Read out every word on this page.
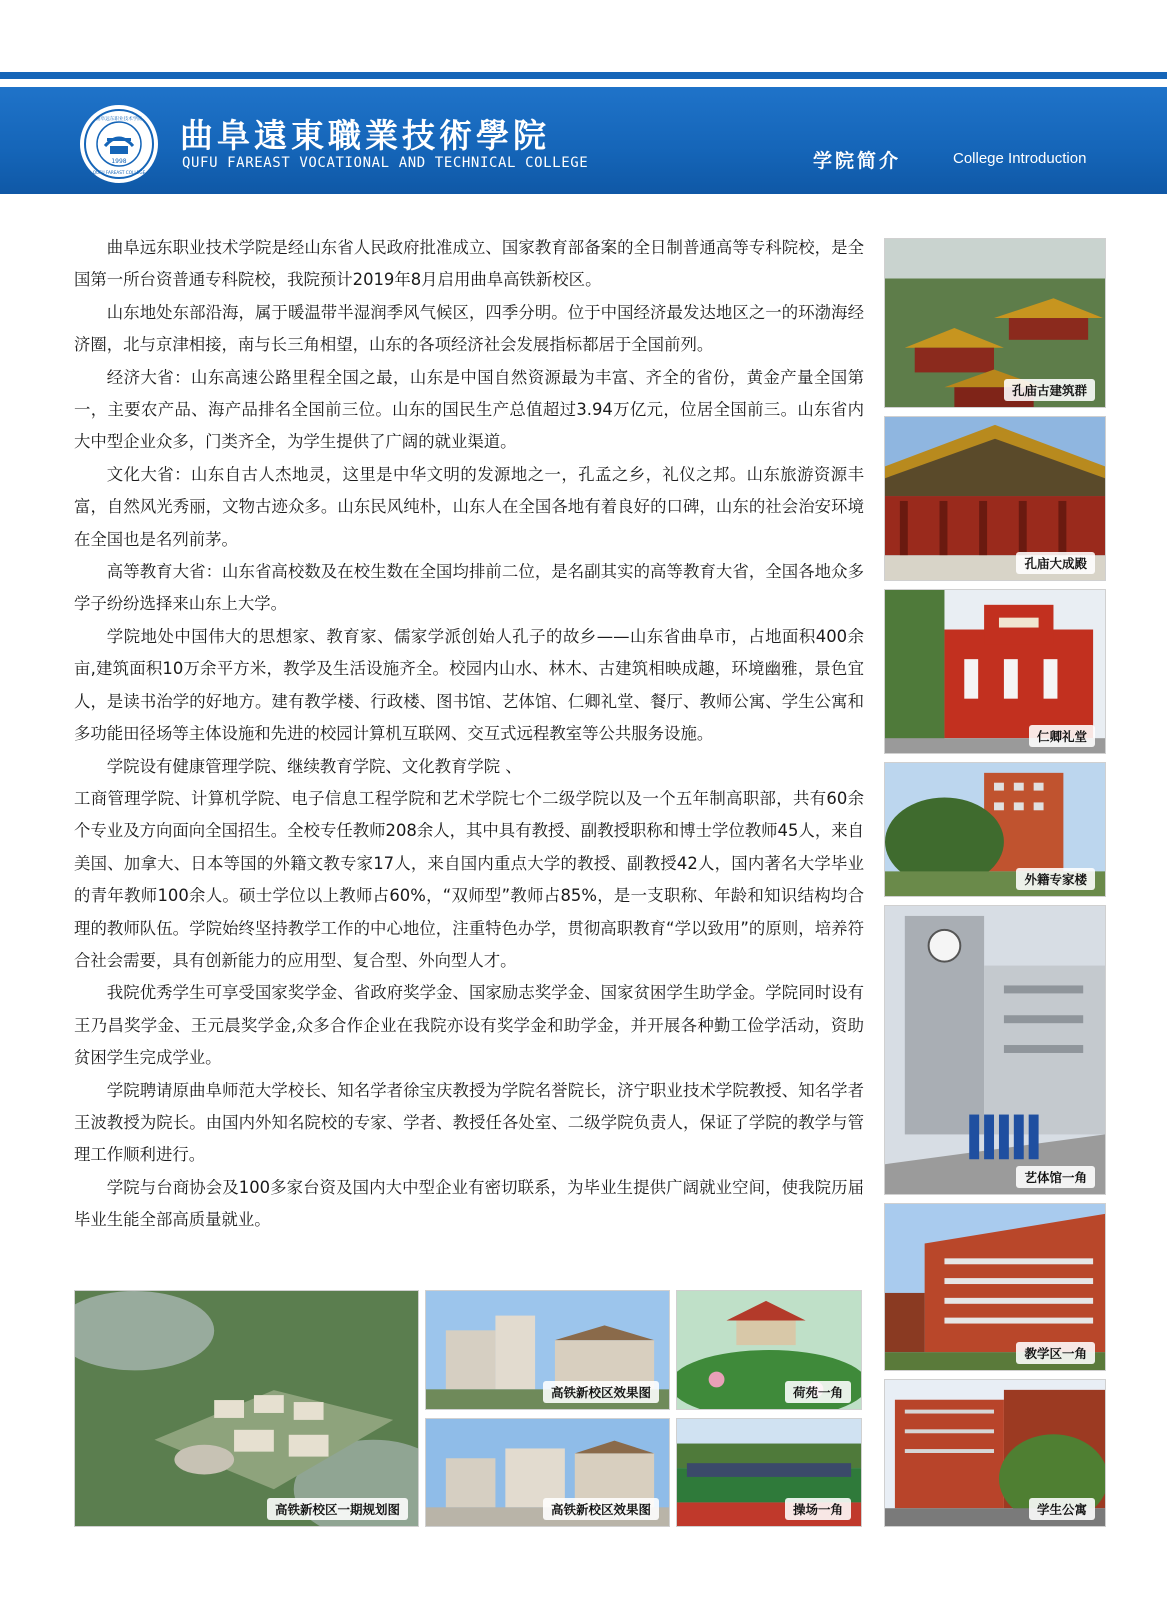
1998
曲阜远东职业技术学院
QUFU FAREAST COLLEGE
曲阜遠東職業技術學院
QUFU FAREAST VOCATIONAL AND TECHNICAL COLLEGE	学院简介	College Introduction

曲阜远东职业技术学院是经山东省人民政府批准成立、国家教育部备案的全日制普通高等专科院校，是全国第一所台资普通专科院校，我院预计2019年8月启用曲阜高铁新校区。

山东地处东部沿海，属于暖温带半湿润季风气候区，四季分明。位于中国经济最发达地区之一的环渤海经济圈，北与京津相接，南与长三角相望，山东的各项经济社会发展指标都居于全国前列。

经济大省：山东高速公路里程全国之最，山东是中国自然资源最为丰富、齐全的省份，黄金产量全国第一，主要农产品、海产品排名全国前三位。山东的国民生产总值超过3.94万亿元，位居全国前三。山东省内大中型企业众多，门类齐全，为学生提供了广阔的就业渠道。

文化大省：山东自古人杰地灵，这里是中华文明的发源地之一，孔孟之乡，礼仪之邦。山东旅游资源丰富，自然风光秀丽，文物古迹众多。山东民风纯朴，山东人在全国各地有着良好的口碑，山东的社会治安环境在全国也是名列前茅。

高等教育大省：山东省高校数及在校生数在全国均排前二位，是名副其实的高等教育大省，全国各地众多学子纷纷选择来山东上大学。

学院地处中国伟大的思想家、教育家、儒家学派创始人孔子的故乡——山东省曲阜市，占地面积400余亩,建筑面积10万余平方米，教学及生活设施齐全。校园内山水、林木、古建筑相映成趣，环境幽雅，景色宜人，是读书治学的好地方。建有教学楼、行政楼、图书馆、艺体馆、仁卿礼堂、餐厅、教师公寓、学生公寓和多功能田径场等主体设施和先进的校园计算机互联网、交互式远程教室等公共服务设施。

学院设有健康管理学院、继续教育学院、文化教育学院 、

工商管理学院、计算机学院、电子信息工程学院和艺术学院七个二级学院以及一个五年制高职部，共有60余个专业及方向面向全国招生。全校专任教师208余人，其中具有教授、副教授职称和博士学位教师45人，来自美国、加拿大、日本等国的外籍文教专家17人，来自国内重点大学的教授、副教授42人，国内著名大学毕业的青年教师100余人。硕士学位以上教师占60%，“双师型”教师占85%，是一支职称、年龄和知识结构均合理的教师队伍。学院始终坚持教学工作的中心地位，注重特色办学，贯彻高职教育“学以致用”的原则，培养符合社会需要，具有创新能力的应用型、复合型、外向型人才。

我院优秀学生可享受国家奖学金、省政府奖学金、国家励志奖学金、国家贫困学生助学金。学院同时设有王乃昌奖学金、王元晨奖学金,众多合作企业在我院亦设有奖学金和助学金，并开展各种勤工俭学活动，资助贫困学生完成学业。

学院聘请原曲阜师范大学校长、知名学者徐宝庆教授为学院名誉院长，济宁职业技术学院教授、知名学者王波教授为院长。由国内外知名院校的专家、学者、教授任各处室、二级学院负责人，保证了学院的教学与管理工作顺利进行。

学院与台商协会及100多家台资及国内大中型企业有密切联系，为毕业生提供广阔就业空间，使我院历届毕业生能全部高质量就业。

孔庙古建筑群
孔庙大成殿
仁卿礼堂
外籍专家楼
艺体馆一角
教学区一角
学生公寓
高铁新校区一期规划图
高铁新校区效果图
高铁新校区效果图
荷苑一角
操场一角
